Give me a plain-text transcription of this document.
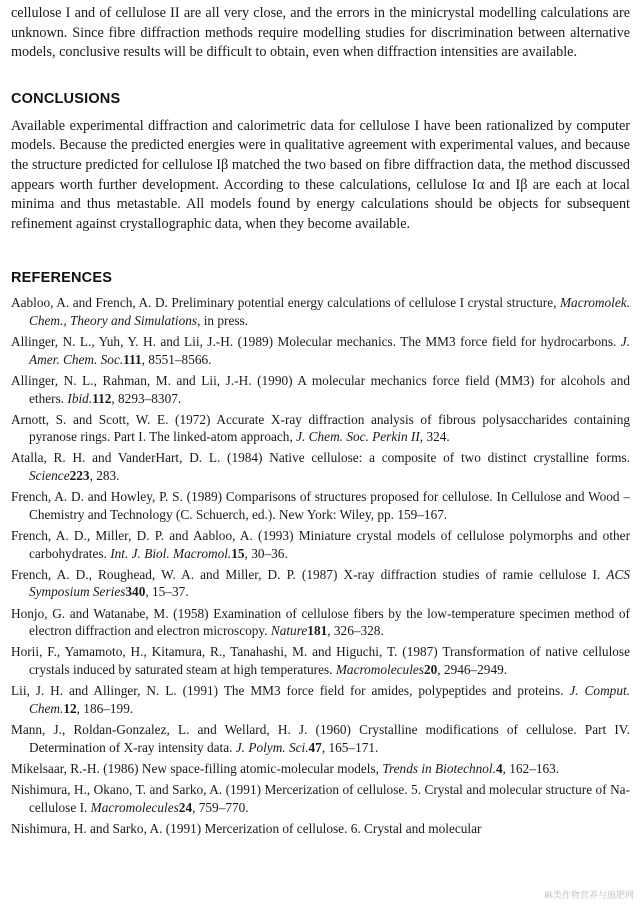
cellulose I and of cellulose II are all very close, and the errors in the minicrystal modelling calculations are unknown. Since fibre diffraction methods require modelling studies for discrimination between alternative models, conclusive results will be difficult to obtain, even when diffraction intensities are available.

CONCLUSIONS

Available experimental diffraction and calorimetric data for cellulose I have been rationalized by computer models. Because the predicted energies were in qualitative agreement with experimental values, and because the structure predicted for cellulose Iβ matched the two based on fibre diffraction data, the method discussed appears worth further development. According to these calculations, cellulose Iα and Iβ are each at local minima and thus metastable. All models found by energy calculations should be objects for subsequent refinement against crystallographic data, when they become available.

REFERENCES
Aabloo, A. and French, A. D. Preliminary potential energy calculations of cellulose I crystal structure, Macromolek. Chem., Theory and Simulations, in press.
Allinger, N. L., Yuh, Y. H. and Lii, J.-H. (1989) Molecular mechanics. The MM3 force field for hydrocarbons. J. Amer. Chem. Soc.111, 8551–8566.
Allinger, N. L., Rahman, M. and Lii, J.-H. (1990) A molecular mechanics force field (MM3) for alcohols and ethers. Ibid.112, 8293–8307.
Arnott, S. and Scott, W. E. (1972) Accurate X-ray diffraction analysis of fibrous polysaccharides containing pyranose rings. Part I. The linked-atom approach, J. Chem. Soc. Perkin II, 324.
Atalla, R. H. and VanderHart, D. L. (1984) Native cellulose: a composite of two distinct crystalline forms. Science223, 283.
French, A. D. and Howley, P. S. (1989) Comparisons of structures proposed for cellulose. In Cellulose and Wood – Chemistry and Technology (C. Schuerch, ed.). New York: Wiley, pp. 159–167.
French, A. D., Miller, D. P. and Aabloo, A. (1993) Miniature crystal models of cellulose polymorphs and other carbohydrates. Int. J. Biol. Macromol.15, 30–36.
French, A. D., Roughead, W. A. and Miller, D. P. (1987) X-ray diffraction studies of ramie cellulose I. ACS Symposium Series340, 15–37.
Honjo, G. and Watanabe, M. (1958) Examination of cellulose fibers by the low-temperature specimen method of electron diffraction and electron microscopy. Nature181, 326–328.
Horii, F., Yamamoto, H., Kitamura, R., Tanahashi, M. and Higuchi, T. (1987) Transformation of native cellulose crystals induced by saturated steam at high temperatures. Macromolecules20, 2946–2949.
Lii, J. H. and Allinger, N. L. (1991) The MM3 force field for amides, polypeptides and proteins. J. Comput. Chem.12, 186–199.
Mann, J., Roldan-Gonzalez, L. and Wellard, H. J. (1960) Crystalline modifications of cellulose. Part IV. Determination of X-ray intensity data. J. Polym. Sci.47, 165–171.
Mikelsaar, R.-H. (1986) New space-filling atomic-molecular models, Trends in Biotechnol.4, 162–163.
Nishimura, H., Okano, T. and Sarko, A. (1991) Mercerization of cellulose. 5. Crystal and molecular structure of Na-cellulose I. Macromolecules24, 759–770.
Nishimura, H. and Sarko, A. (1991) Mercerization of cellulose. 6. Crystal and molecular
麻类作物营养与施肥网
